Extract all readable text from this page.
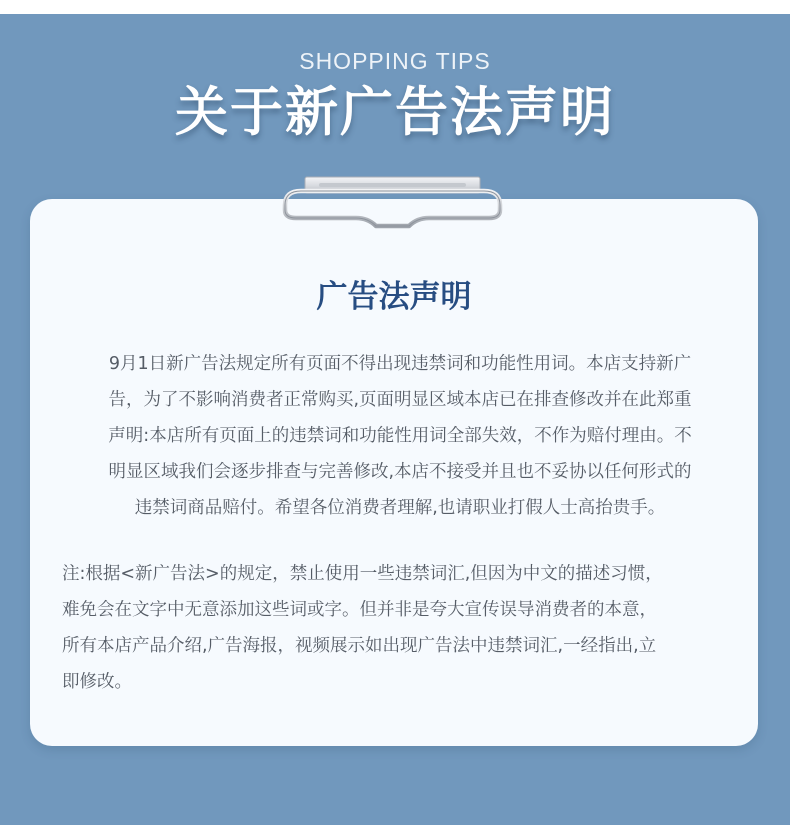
SHOPPING TIPS
关于新广告法声明
广告法声明

9月1日新广告法规定所有页面不得出现违禁词和功能性用词。本店支持新广
告，为了不影响消费者正常购买,页面明显区域本店已在排查修改并在此郑重
声明:本店所有页面上的违禁词和功能性用词全部失效，不作为赔付理由。不
明显区域我们会逐步排查与完善修改,本店不接受并且也不妥协以任何形式的
违禁词商品赔付。希望各位消费者理解,也请职业打假人士高抬贵手。

注:根据<新广告法>的规定，禁止使用一些违禁词汇,但因为中文的描述习惯，
难免会在文字中无意添加这些词或字。但并非是夸大宣传误导消费者的本意，
所有本店产品介绍,广告海报，视频展示如出现广告法中违禁词汇,一经指出,立
即修改。
